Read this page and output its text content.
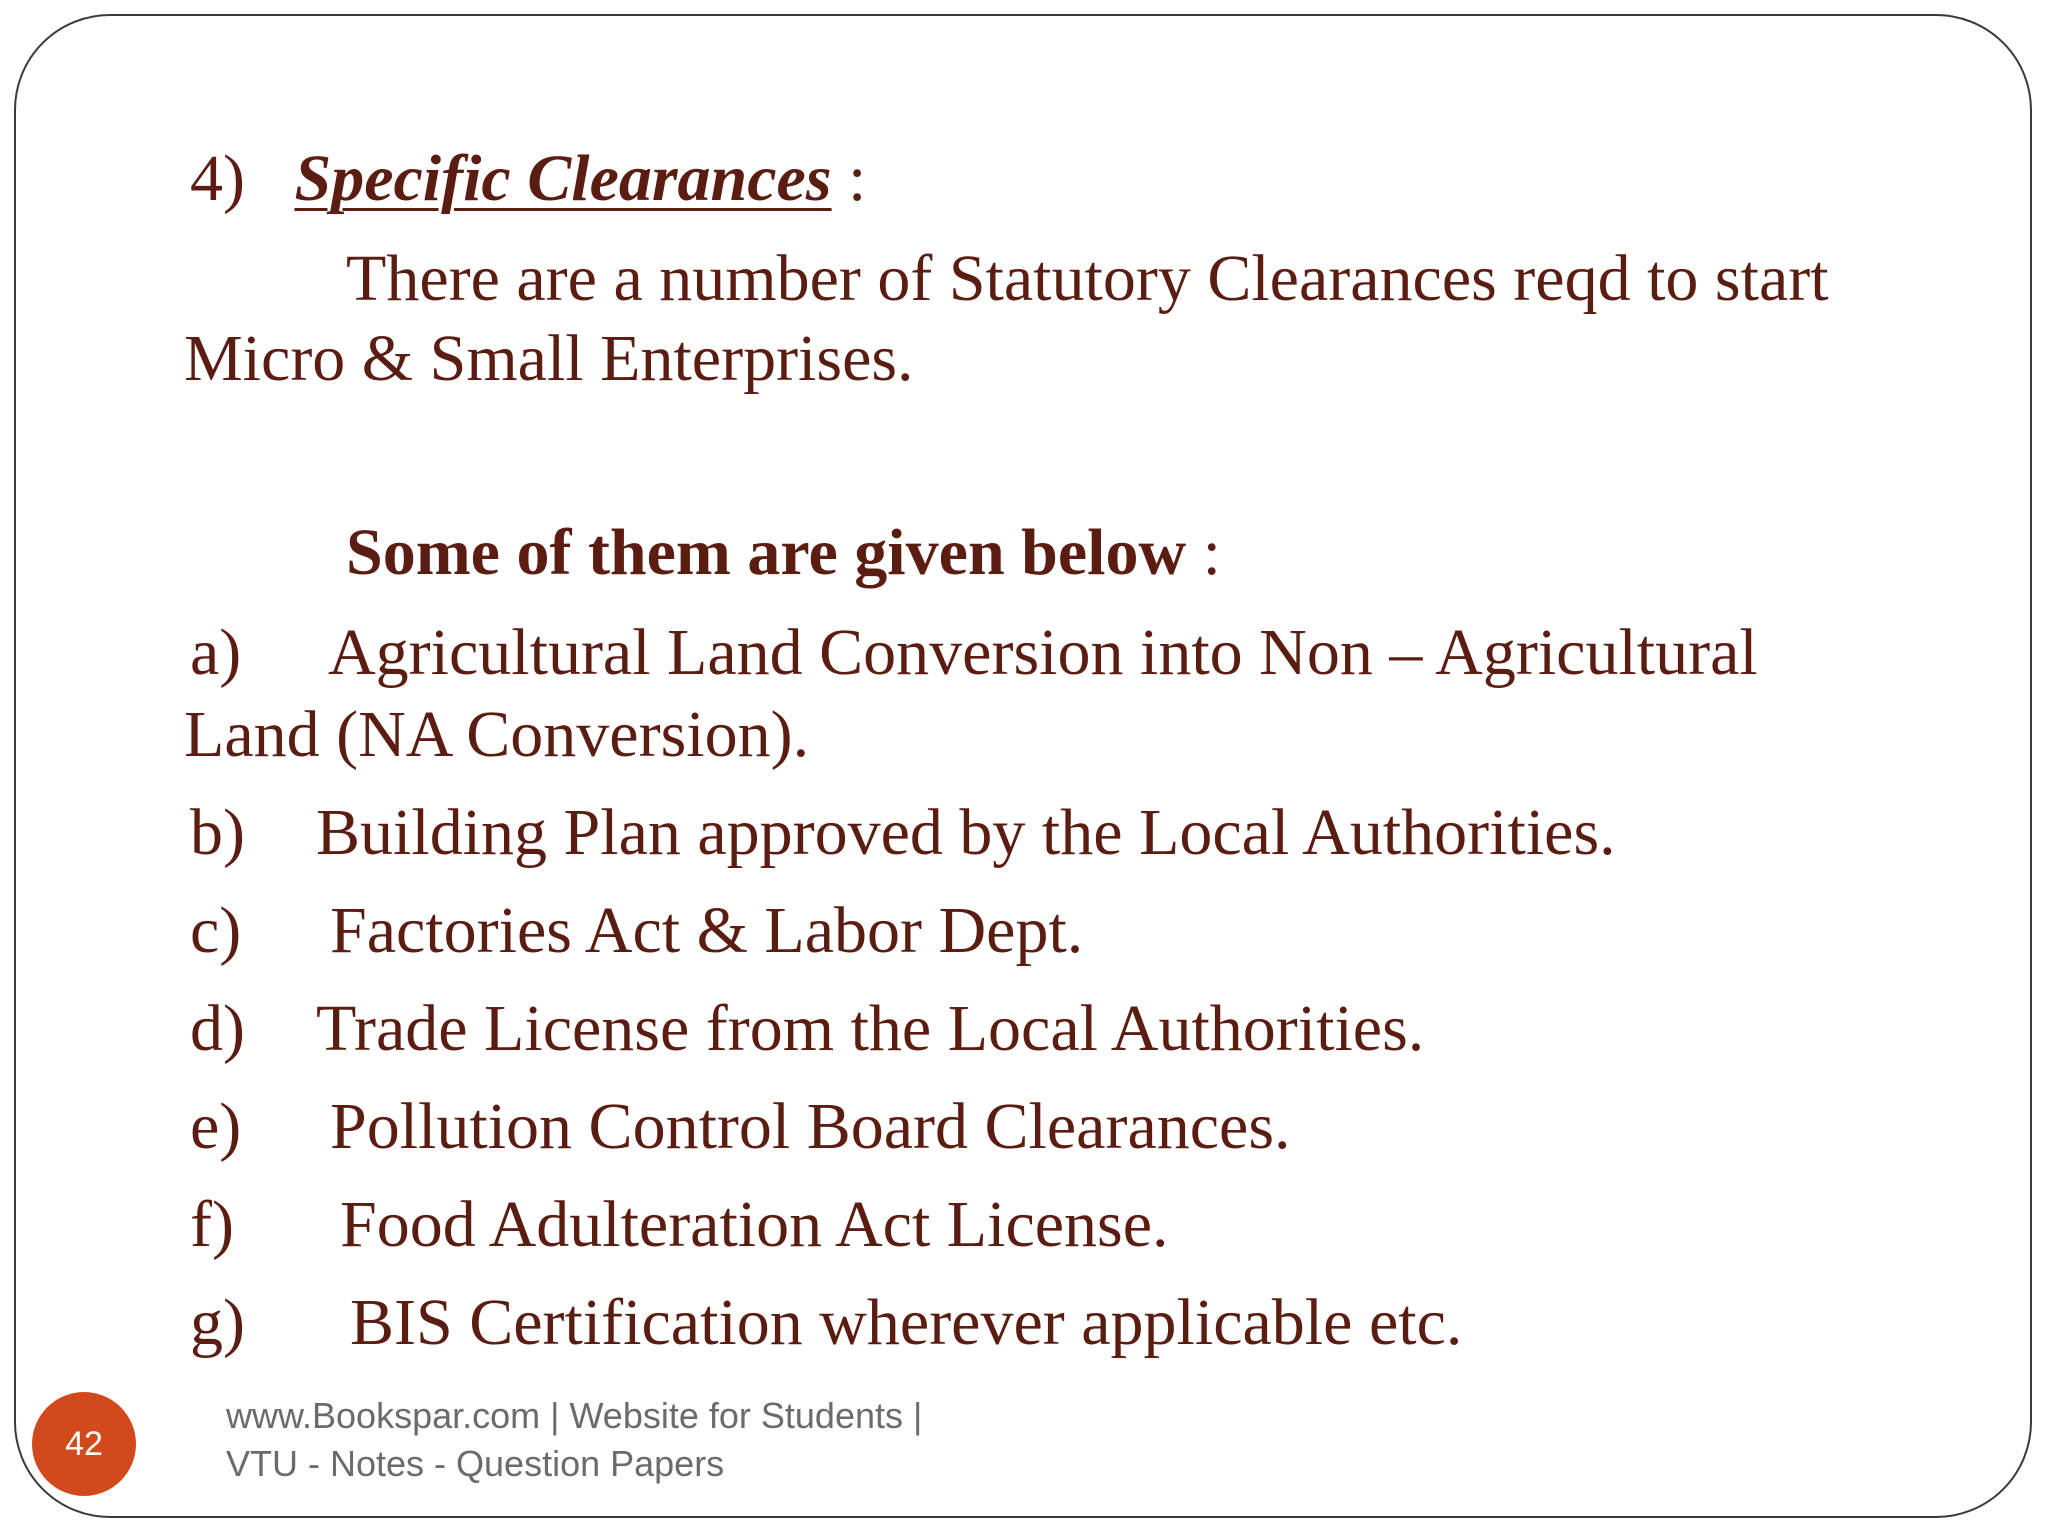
4) Specific Clearances :
There are a number of Statutory Clearances reqd to start
Micro & Small Enterprises.
Some of them are given below :
a) Agricultural Land Conversion into Non – Agricultural
Land (NA Conversion).
b) Building Plan approved by the Local Authorities.
c) Factories Act & Labor Dept.
d) Trade License from the Local Authorities.
e) Pollution Control Board Clearances.
f) Food Adulteration Act License.
g) BIS Certification wherever applicable etc.
42
www.Bookspar.com | Website for Students |
VTU - Notes - Question Papers
